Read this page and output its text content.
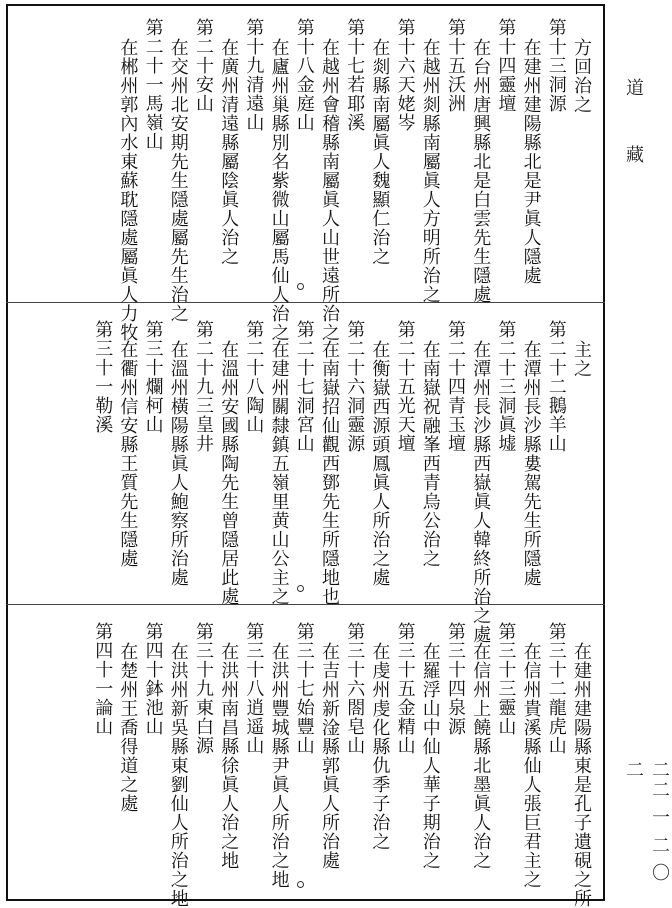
方回治之
第十三洞源
在建州建陽縣北是尹眞人隱處
第十四靈壇
在台州唐興縣北是白雲先生隱處
第十五沃洲
在越州剡縣南屬眞人方明所治之
第十六天姥岑
在剡縣南屬眞人魏顯仁治之
第十七若耶溪
在越州會稽縣南屬眞人山世遠所治之
第十八金庭山
在廬州巢縣別名紫微山屬馬仙人治之
第十九清遠山
在廣州清遠縣屬陰眞人治之
第二十安山
在交州北安期先生隱處屬先生治之
第二十一馬嶺山
在郴州郭內水東蘇耽隱處屬眞人力牧
主之
第二十二鵝羊山
在潭州長沙縣婁駕先生所隱處
第二十三洞眞墟
在潭州長沙縣西嶽眞人韓終所治之處
第二十四青玉壇
在南嶽祝融峯西青烏公治之
第二十五光天壇
在衡嶽西源頭鳳眞人所治之處
第二十六洞靈源
在南嶽招仙觀西鄧先生所隱地也
第二十七洞宮山
在建州關隸鎮五嶺里黄山公主之
第二十八陶山
在溫州安國縣陶先生曾隱居此處
第二十九三皇井
在溫州橫陽縣眞人鮑察所治處
第三十爛柯山
在衢州信安縣王質先生隱處
第三十一勒溪
在建州建陽縣東是孔子遺硯之所
第三十二龍虎山
在信州貴溪縣仙人張巨君主之
第三十三靈山
在信州上饒縣北墨眞人治之
第三十四泉源
在羅浮山中仙人華子期治之
第三十五金精山
在虔州虔化縣仇季子治之
第三十六閤皂山
在吉州新淦縣郭眞人所治處
第三十七始豐山
在洪州豐城縣尹眞人所治之地
第三十八逍遥山
在洪州南昌縣徐眞人治之地
第三十九東白源
在洪州新吳縣東劉仙人所治之地
第四十鉢池山
在楚州王喬得道之處
第四十一論山
道
藏
二二 一 二 〇 二
